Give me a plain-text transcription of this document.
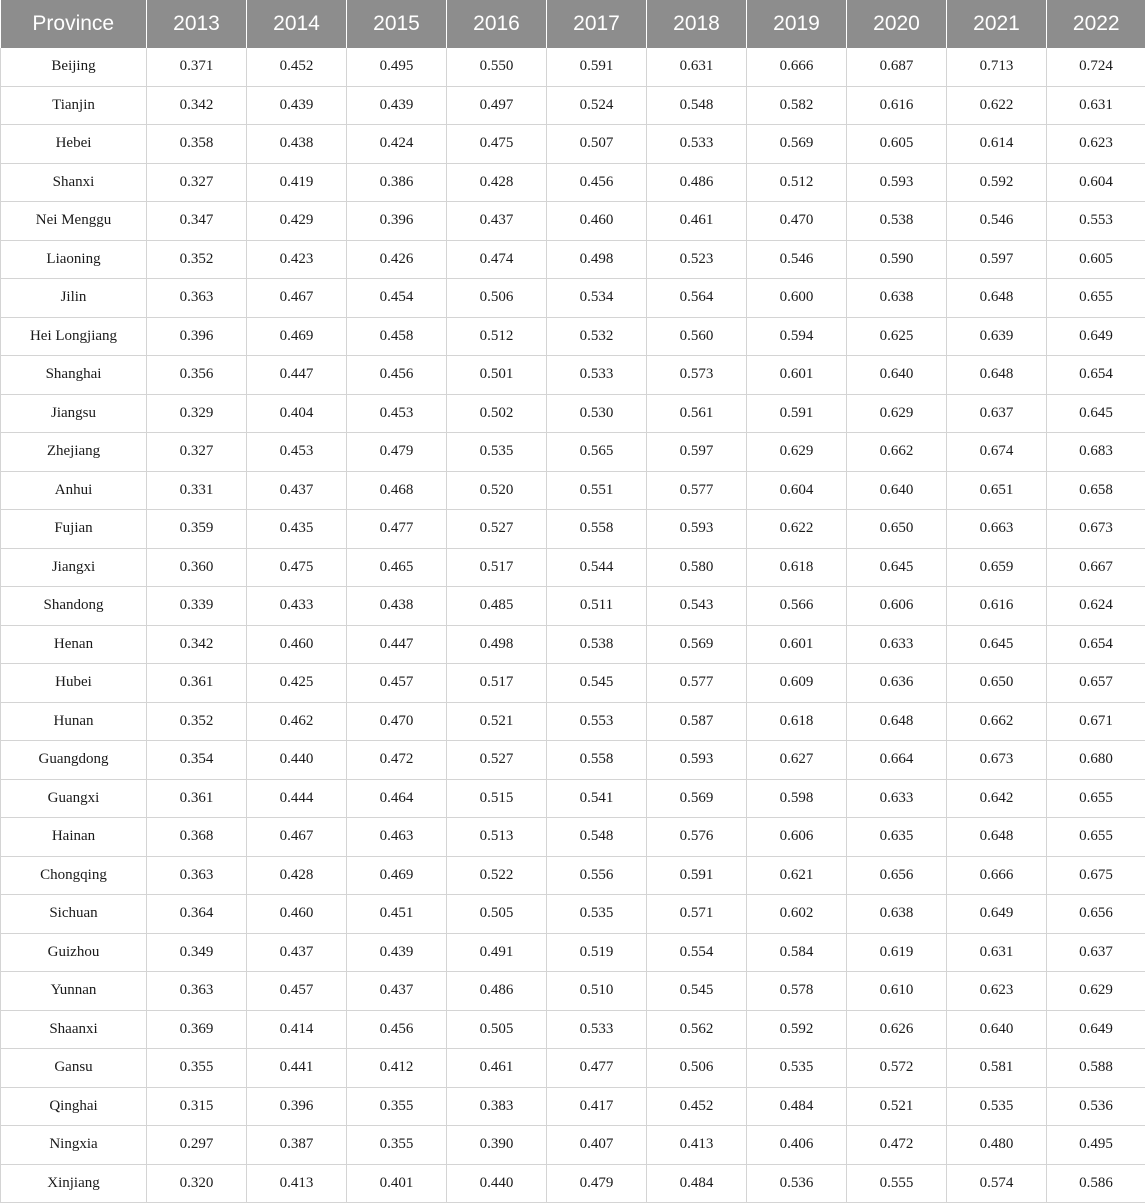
Province	2013	2014	2015	2016	2017	2018	2019	2020	2021	2022
Beijing	0.371	0.452	0.495	0.550	0.591	0.631	0.666	0.687	0.713	0.724
Tianjin	0.342	0.439	0.439	0.497	0.524	0.548	0.582	0.616	0.622	0.631
Hebei	0.358	0.438	0.424	0.475	0.507	0.533	0.569	0.605	0.614	0.623
Shanxi	0.327	0.419	0.386	0.428	0.456	0.486	0.512	0.593	0.592	0.604
Nei Menggu	0.347	0.429	0.396	0.437	0.460	0.461	0.470	0.538	0.546	0.553
Liaoning	0.352	0.423	0.426	0.474	0.498	0.523	0.546	0.590	0.597	0.605
Jilin	0.363	0.467	0.454	0.506	0.534	0.564	0.600	0.638	0.648	0.655
Hei Longjiang	0.396	0.469	0.458	0.512	0.532	0.560	0.594	0.625	0.639	0.649
Shanghai	0.356	0.447	0.456	0.501	0.533	0.573	0.601	0.640	0.648	0.654
Jiangsu	0.329	0.404	0.453	0.502	0.530	0.561	0.591	0.629	0.637	0.645
Zhejiang	0.327	0.453	0.479	0.535	0.565	0.597	0.629	0.662	0.674	0.683
Anhui	0.331	0.437	0.468	0.520	0.551	0.577	0.604	0.640	0.651	0.658
Fujian	0.359	0.435	0.477	0.527	0.558	0.593	0.622	0.650	0.663	0.673
Jiangxi	0.360	0.475	0.465	0.517	0.544	0.580	0.618	0.645	0.659	0.667
Shandong	0.339	0.433	0.438	0.485	0.511	0.543	0.566	0.606	0.616	0.624
Henan	0.342	0.460	0.447	0.498	0.538	0.569	0.601	0.633	0.645	0.654
Hubei	0.361	0.425	0.457	0.517	0.545	0.577	0.609	0.636	0.650	0.657
Hunan	0.352	0.462	0.470	0.521	0.553	0.587	0.618	0.648	0.662	0.671
Guangdong	0.354	0.440	0.472	0.527	0.558	0.593	0.627	0.664	0.673	0.680
Guangxi	0.361	0.444	0.464	0.515	0.541	0.569	0.598	0.633	0.642	0.655
Hainan	0.368	0.467	0.463	0.513	0.548	0.576	0.606	0.635	0.648	0.655
Chongqing	0.363	0.428	0.469	0.522	0.556	0.591	0.621	0.656	0.666	0.675
Sichuan	0.364	0.460	0.451	0.505	0.535	0.571	0.602	0.638	0.649	0.656
Guizhou	0.349	0.437	0.439	0.491	0.519	0.554	0.584	0.619	0.631	0.637
Yunnan	0.363	0.457	0.437	0.486	0.510	0.545	0.578	0.610	0.623	0.629
Shaanxi	0.369	0.414	0.456	0.505	0.533	0.562	0.592	0.626	0.640	0.649
Gansu	0.355	0.441	0.412	0.461	0.477	0.506	0.535	0.572	0.581	0.588
Qinghai	0.315	0.396	0.355	0.383	0.417	0.452	0.484	0.521	0.535	0.536
Ningxia	0.297	0.387	0.355	0.390	0.407	0.413	0.406	0.472	0.480	0.495
Xinjiang	0.320	0.413	0.401	0.440	0.479	0.484	0.536	0.555	0.574	0.586
